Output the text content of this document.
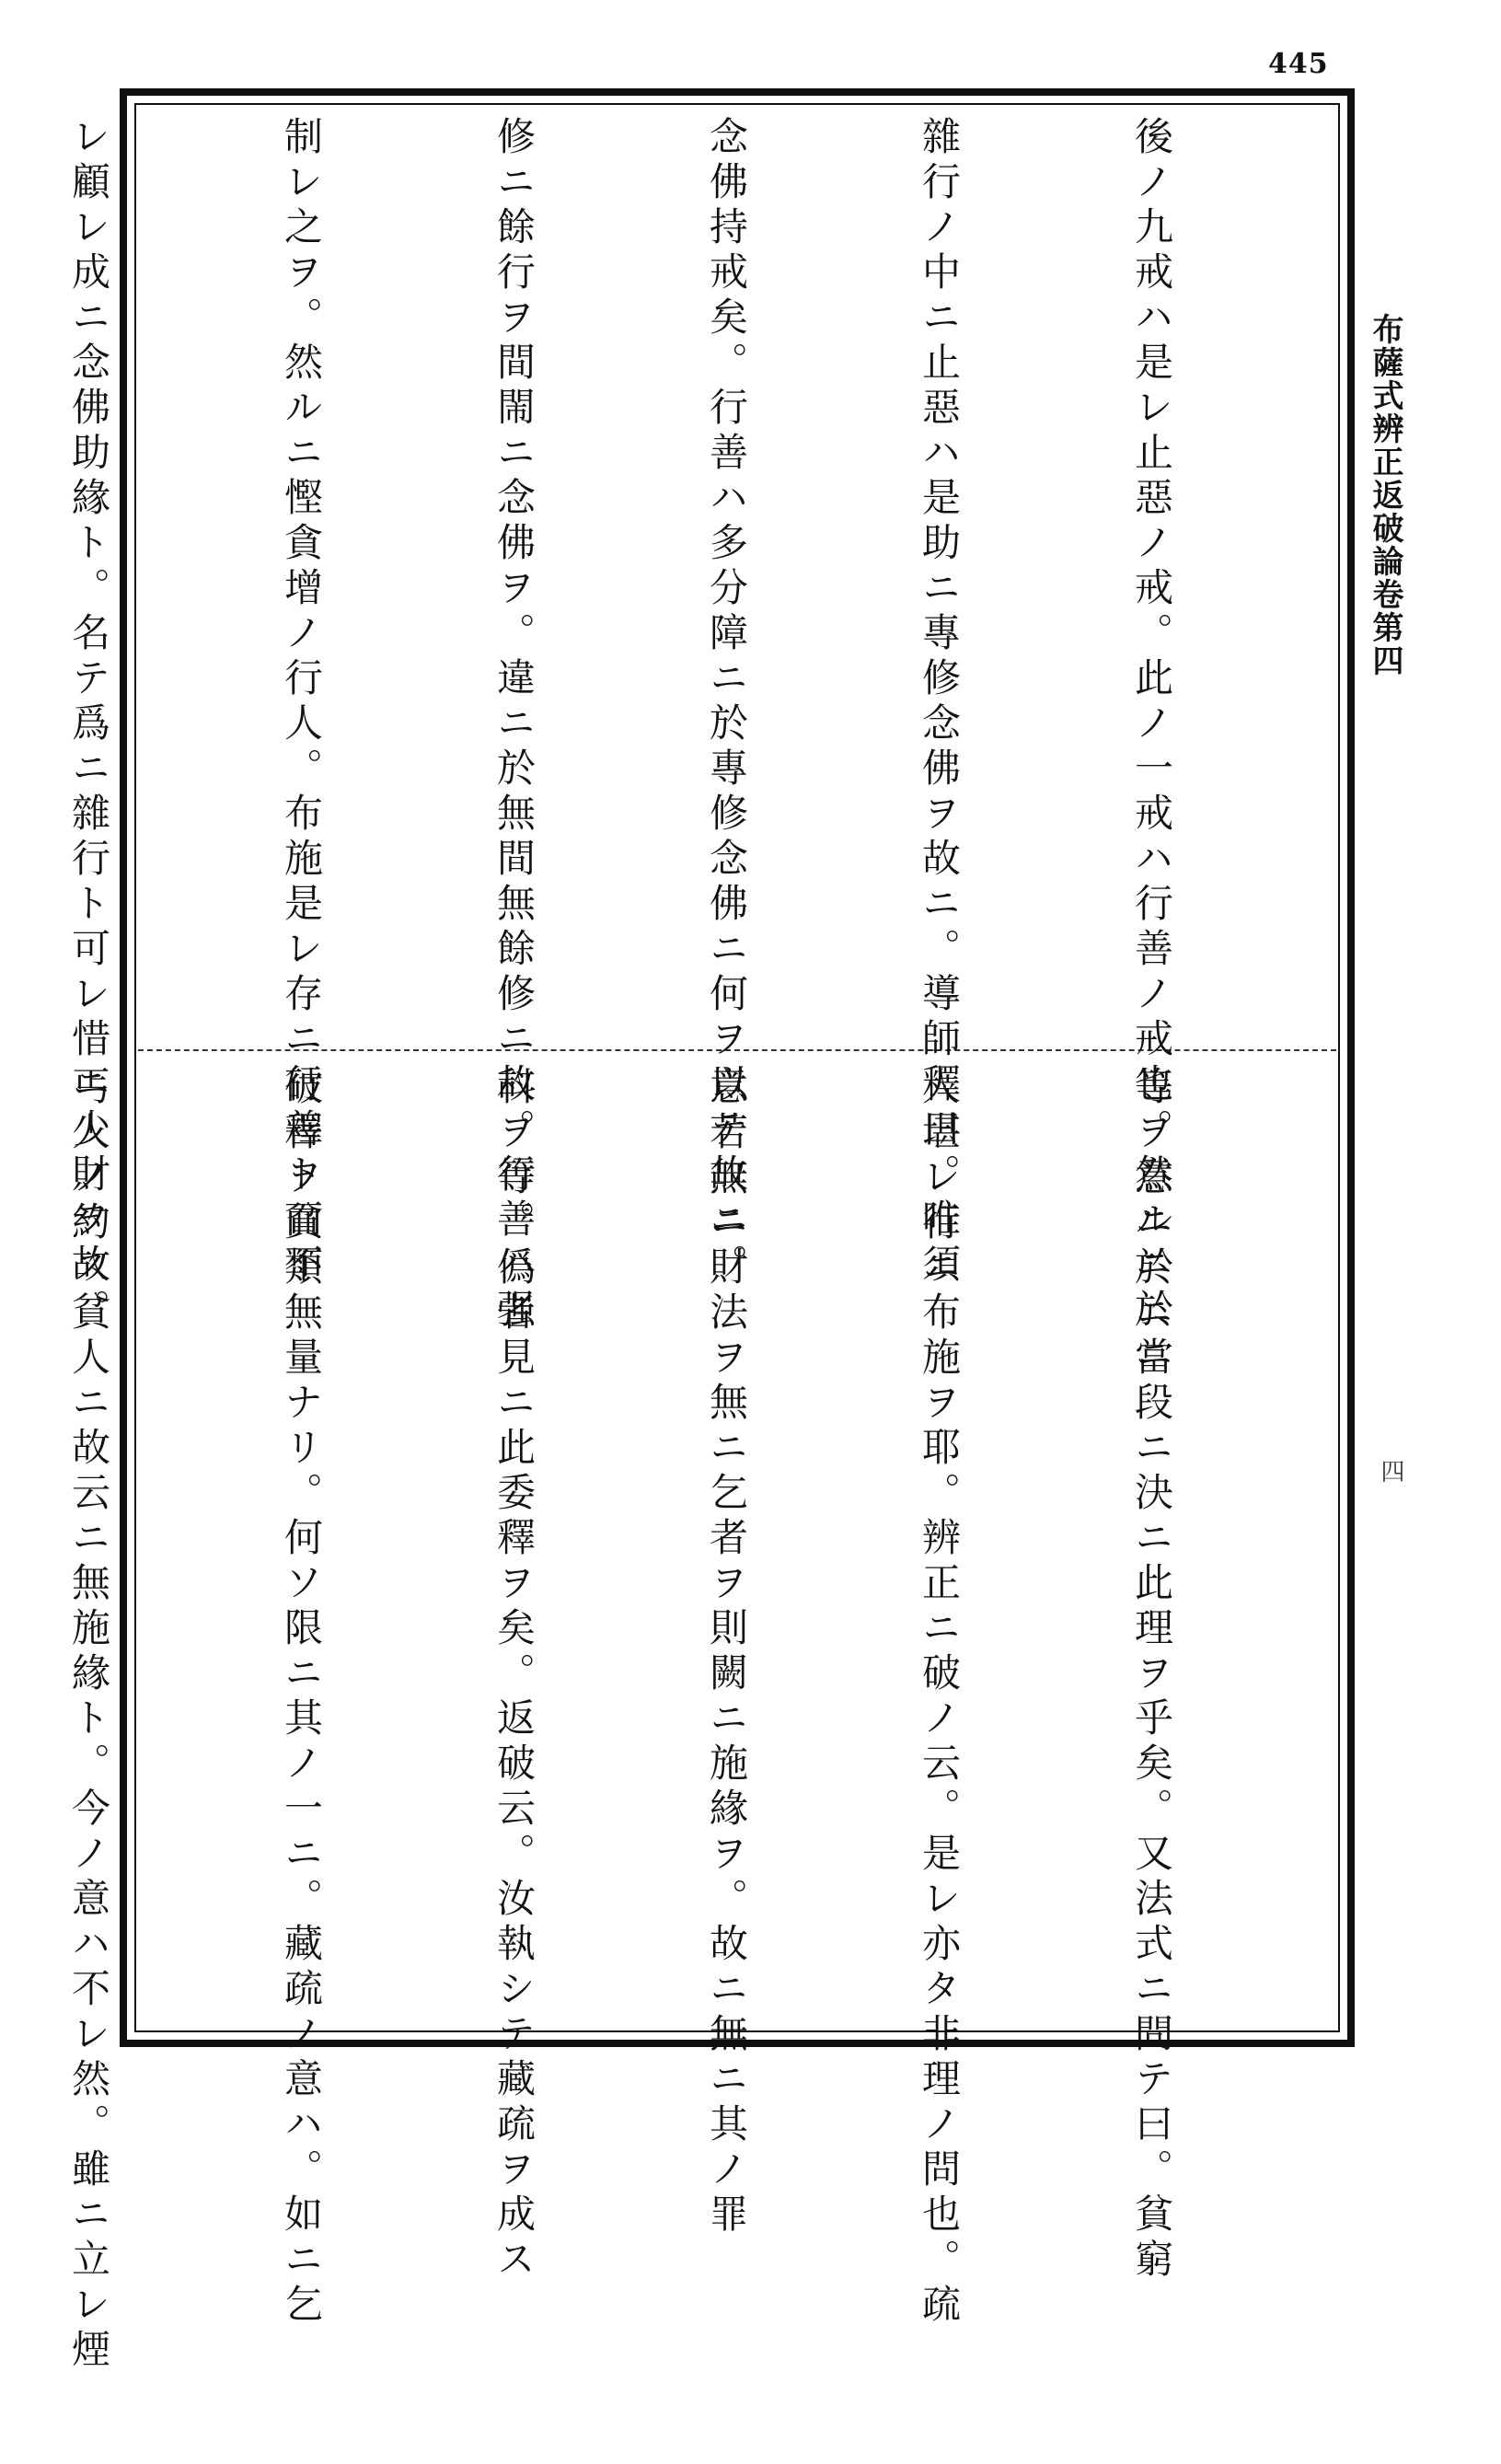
445
布薩式辨正返破論卷第四
四

後ノ九戒ハ是レ止惡ノ戒。此ノ一戒ハ行善ノ戒也。然ルニ於ニ

雜行ノ中ニ止惡ハ是助ニ專修念佛ヲ故ニ。導師釋曰。唯須

念佛持戒矣。行善ハ多分障ニ於專修念佛ニ何ヲ以テ故ニ。

修ニ餘行ヲ間閙ニ念佛ヲ。違ニ於無間無餘修ニ故。行善ハ强

制レ之ヲ。然ルニ慳貪增ノ行人。布施是レ存ニ行善ト而不

レ顧レ成ニ念佛助緣ト。名テ爲ニ雜行ト可レ惜ニ少財ヲ故。

等ヲ意ニ於ニ當段ニ決ニ此理ヲ乎矣。又法式ニ問テ曰。貧窮

人堪レ行ニ布施ヲ耶。辨正ニ破ノ云。是レ亦タ非理ノ問也。疏

意若無ニ財法ヲ無ニ乞者ヲ則闕ニ施緣ヲ。故ニ無ニ其ノ罪

科ヲ等。僞者見ニ此委釋ヲ矣。返破云。汝執シテ藏疏ヲ成ス

破釋ヲ貧類無量ナリ。何ソ限ニ其ノ一ニ。藏疏ノ意ハ。如ニ乞

丐人ノ約ス貧人ニ故云ニ無施緣ト。今ノ意ハ不レ然。雖ニ立レ煙
